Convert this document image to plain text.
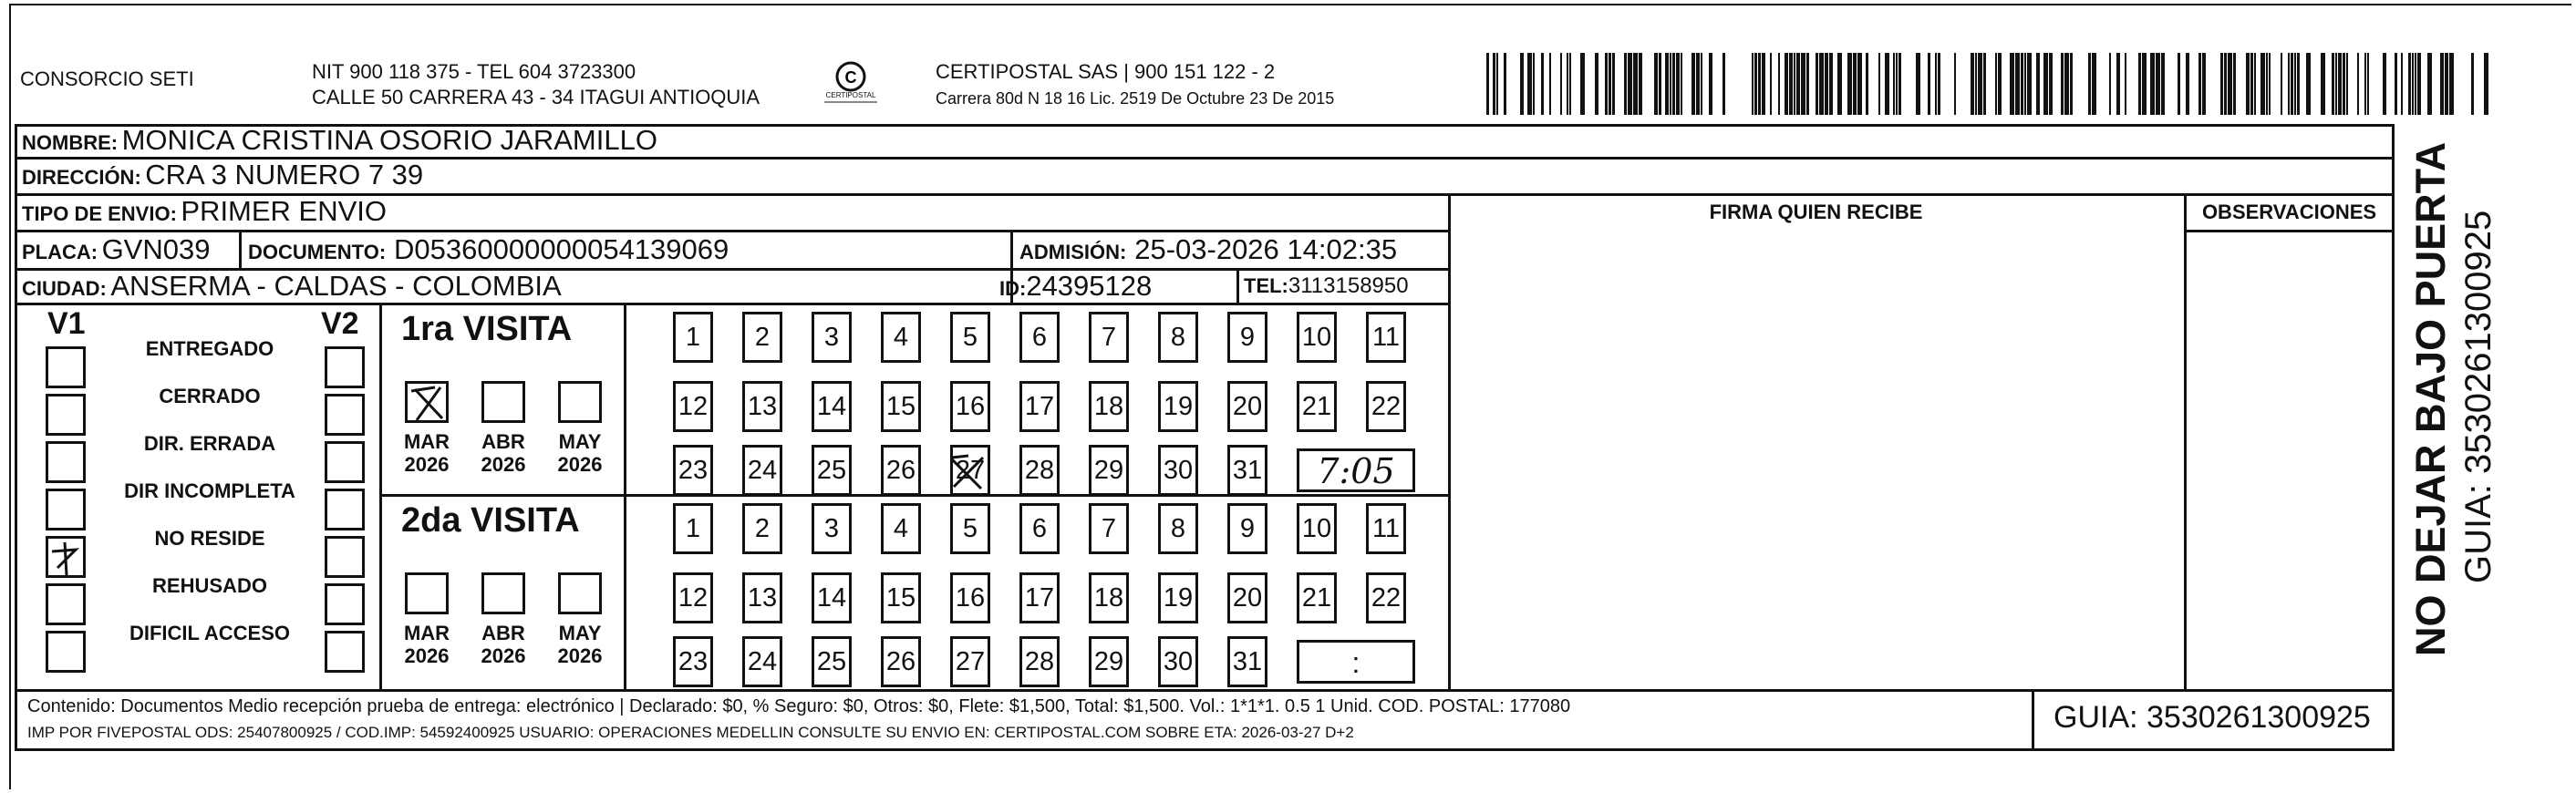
CONSORCIO SETI	NIT 900 118 375 - TEL 604 3723300
CALLE 50 CARRERA 43 - 34 ITAGUI ANTIOQUIA
C
CERTIPOSTAL
CERTIPOSTAL SAS | 900 151 122 - 2
Carrera 80d N 18 16 Lic. 2519 De Octubre 23 De 2015
NOMBRE: MONICA CRISTINA OSORIO JARAMILLO
DIRECCIÓN: CRA 3 NUMERO 7 39
TIPO DE ENVIO: PRIMER ENVIO
PLACA: GVN039 DOCUMENTO: D05360000000054139069	ADMISIÓN: 25-03-2026 14:02:35
CIUDAD: ANSERMA - CALDAS - COLOMBIA	ID:24395128	TEL:3113158950
FIRMA QUIEN RECIBE	OBSERVACIONES
V1	V2
ENTREGADO
CERRADO
DIR. ERRADA
DIR INCOMPLETA
NO RESIDE
REHUSADO
DIFICIL ACCESO
1ra VISITA
MAR
2026
ABR
2026
MAY
2026
1	2	3	4	5	6	7	8	9	10 11
12 13 14 15 16 17 18 19 20 21 22
23 24 25 26 27 28 29 30 31	7:05
2da VISITA
MAR
2026
ABR
2026
MAY
2026
1	2	3	4	5	6	7	8	9	10 11
12 13 14 15 16 17 18 19 20 21 22
23 24 25 26 27 28 29 30 31	:
Contenido: Documentos Medio recepción prueba de entrega: electrónico | Declarado: $0, % Seguro: $0, Otros: $0, Flete: $1,500, Total: $1,500. Vol.: 1*1*1. 0.5 1 Unid. COD. POSTAL: 177080
IMP POR FIVEPOSTAL ODS: 25407800925 / COD.IMP: 54592400925 USUARIO: OPERACIONES MEDELLIN CONSULTE SU ENVIO EN: CERTIPOSTAL.COM SOBRE ETA: 2026-03-27 D+2	GUIA: 3530261300925
NO DEJAR BAJO PUERTA GUIA: 3530261300925
